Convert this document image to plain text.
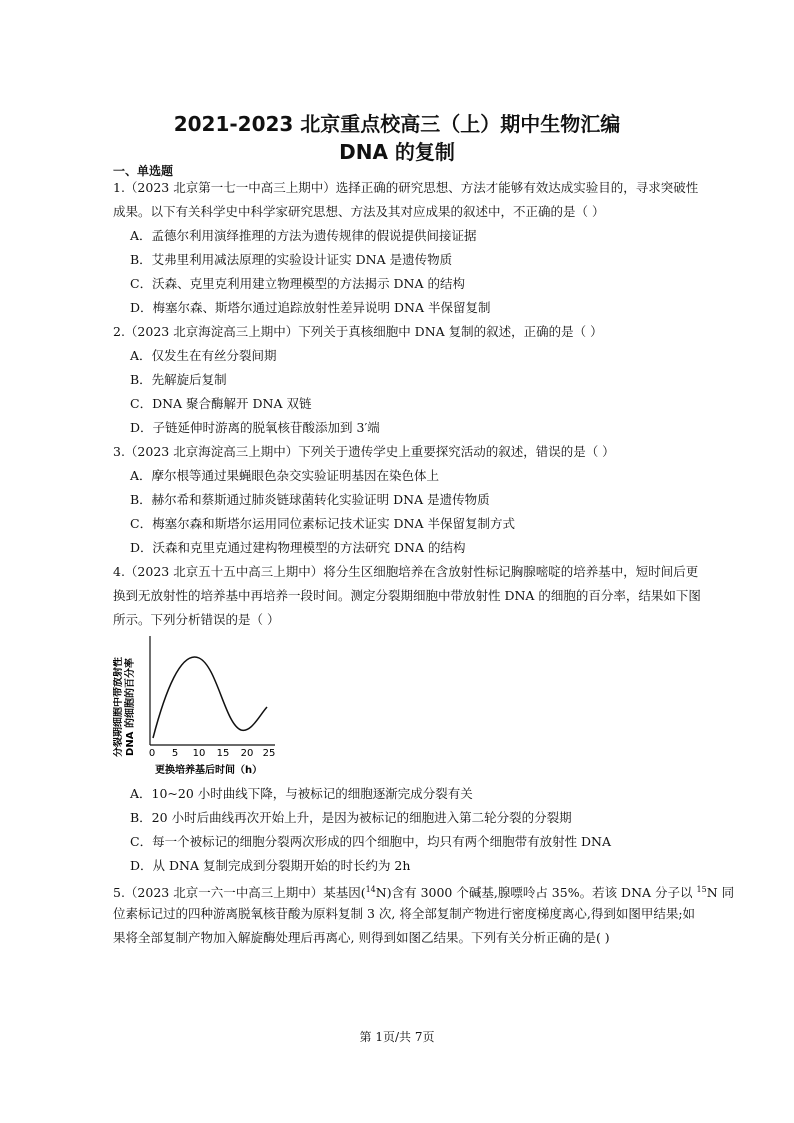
2021-2023 北京重点校高三（上）期中生物汇编
DNA 的复制
一、单选题
1.（2023 北京第一七一中高三上期中）选择正确的研究思想、方法才能够有效达成实验目的，寻求突破性
成果。以下有关科学史中科学家研究思想、方法及其对应成果的叙述中，不正确的是（ ）
A．孟德尔利用演绎推理的方法为遗传规律的假说提供间接证据
B．艾弗里利用减法原理的实验设计证实 DNA 是遗传物质
C．沃森、克里克利用建立物理模型的方法揭示 DNA 的结构
D．梅塞尔森、斯塔尔通过追踪放射性差异说明 DNA 半保留复制
2.（2023 北京海淀高三上期中）下列关于真核细胞中 DNA 复制的叙述，正确的是（ ）
A．仅发生在有丝分裂间期
B．先解旋后复制
C．DNA 聚合酶解开 DNA 双链
D．子链延伸时游离的脱氧核苷酸添加到 3′端
3.（2023 北京海淀高三上期中）下列关于遗传学史上重要探究活动的叙述，错误的是（ ）
A．摩尔根等通过果蝇眼色杂交实验证明基因在染色体上
B．赫尔希和蔡斯通过肺炎链球菌转化实验证明 DNA 是遗传物质
C．梅塞尔森和斯塔尔运用同位素标记技术证实 DNA 半保留复制方式
D．沃森和克里克通过建构物理模型的方法研究 DNA 的结构
4.（2023 北京五十五中高三上期中）将分生区细胞培养在含放射性标记胸腺嘧啶的培养基中，短时间后更
换到无放射性的培养基中再培养一段时间。测定分裂期细胞中带放射性 DNA 的细胞的百分率，结果如下图
所示。下列分析错误的是（ ）
分裂期细胞中带放射性 DNA 的细胞的百分率 0 5 10 15 20 25
更换培养基后时间（h）
A．10~20 小时曲线下降，与被标记的细胞逐渐完成分裂有关
B．20 小时后曲线再次开始上升，是因为被标记的细胞进入第二轮分裂的分裂期
C．每一个被标记的细胞分裂两次形成的四个细胞中，均只有两个细胞带有放射性 DNA
D．从 DNA 复制完成到分裂期开始的时长约为 2h
5.（2023 北京一六一中高三上期中）某基因($^{14}$N)含有 3000 个碱基,腺嘌呤占 35%。若该 DNA 分子以 $^{15}$N 同
位素标记过的四种游离脱氧核苷酸为原料复制 3 次, 将全部复制产物进行密度梯度离心,得到如图甲结果;如
果将全部复制产物加入解旋酶处理后再离心, 则得到如图乙结果。下列有关分析正确的是( )
第 1页/共 7页
